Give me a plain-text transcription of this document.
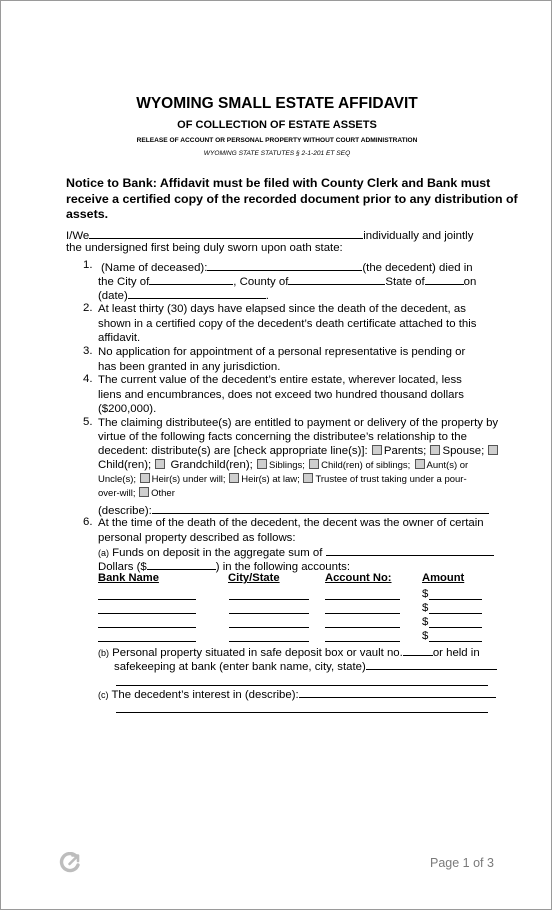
WYOMING SMALL ESTATE AFFIDAVIT
OF COLLECTION OF ESTATE ASSETS
RELEASE OF ACCOUNT OR PERSONAL PROPERTY WITHOUT COURT ADMINISTRATION
WYOMING STATE STATUTES § 2-1-201 ET SEQ
Notice to Bank: Affidavit must be filed with County Clerk and Bank must
receive a certified copy of the recorded document prior to any distribution of
assets.
I/We	individually and jointly
the undersigned first being duly sworn upon oath state:
1. (Name of deceased):	(the decedent) died in
the City of	, County of	State of	on
(date)	.
2. At least thirty (30) days have elapsed since the death of the decedent, as
shown in a certified copy of the decedent’s death certificate attached to this
affidavit.
3. No application for appointment of a personal representative is pending or
has been granted in any jurisdiction.
4. The current value of the decedent’s entire estate, wherever located, less
liens and encumbrances, does not exceed two hundred thousand dollars
($200,000).
5. The claiming distributee(s) are entitled to payment or delivery of the property by
virtue of the following facts concerning the distributee’s relationship to the
decedent: distribute(s) are [check appropriate line(s)]: Parents; Spouse;
Child(ren); Grandchild(ren); Siblings; Child(ren) of siblings; Aunt(s) or
Uncle(s); Heir(s) under will; Heir(s) at law; Trustee of trust taking under a pour-
over-will; Other
(describe):
6. At the time of the death of the decedent, the decent was the owner of certain
personal property described as follows:
(a) Funds on deposit in the aggregate sum of
Dollars ($	) in the following accounts:
Bank Name	City/State	Account No:	Amount
$
$
$
$
(b) Personal property situated in safe deposit box or vault no.	or held in
safekeeping at bank (enter bank name, city, state)
(c) The decedent’s interest in (describe):
Page 1 of 3
